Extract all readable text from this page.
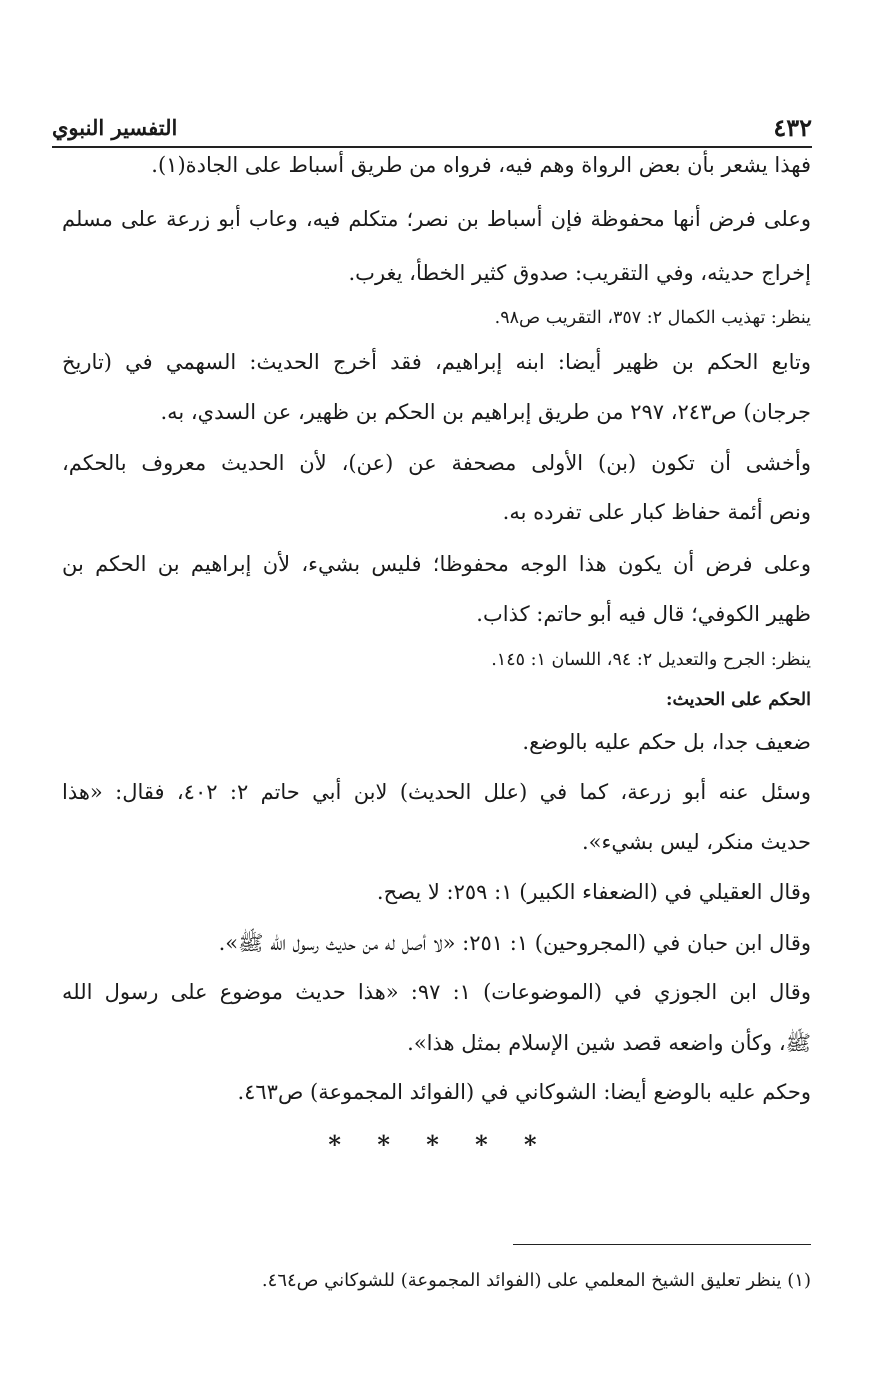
٤٣٢
التفسير النبوي
فهذا يشعر بأن بعض الرواة وهم فيه، فرواه من طريق أسباط على الجادة(١).
وعلى فرض أنها محفوظة فإن أسباط بن نصر؛ متكلم فيه، وعاب أبو زرعة على مسلم
إخراج حديثه، وفي التقريب: صدوق كثير الخطأ، يغرب.
ينظر: تهذيب الكمال ٢: ٣٥٧، التقريب ص٩٨.
وتابع الحكم بن ظهير أيضا: ابنه إبراهيم، فقد أخرج الحديث: السهمي في (تاريخ
جرجان) ص٢٤٣، ٢٩٧ من طريق إبراهيم بن الحكم بن ظهير، عن السدي، به.
وأخشى أن تكون (بن) الأولى مصحفة عن (عن)، لأن الحديث معروف بالحكم،
ونص أئمة حفاظ كبار على تفرده به.
وعلى فرض أن يكون هذا الوجه محفوظا؛ فليس بشيء، لأن إبراهيم بن الحكم بن
ظهير الكوفي؛ قال فيه أبو حاتم: كذاب.
ينظر: الجرح والتعديل ٢: ٩٤، اللسان ١: ١٤٥.
الحكم على الحديث:
ضعيف جدا، بل حكم عليه بالوضع.
وسئل عنه أبو زرعة، كما في (علل الحديث) لابن أبي حاتم ٢: ٤٠٢، فقال: «هذا
حديث منكر، ليس بشيء».
وقال العقيلي في (الضعفاء الكبير) ١: ٢٥٩: لا يصح.
وقال ابن حبان في (المجروحين) ١: ٢٥١: «لا أصل له من حديث رسول الله ﷺ».
وقال ابن الجوزي في (الموضوعات) ١: ٩٧: «هذا حديث موضوع على رسول الله
ﷺ، وكأن واضعه قصد شين الإسلام بمثل هذا».
وحكم عليه بالوضع أيضا: الشوكاني في (الفوائد المجموعة) ص٤٦٣.
* * * * *
(١) ينظر تعليق الشيخ المعلمي على (الفوائد المجموعة) للشوكاني ص٤٦٤.
